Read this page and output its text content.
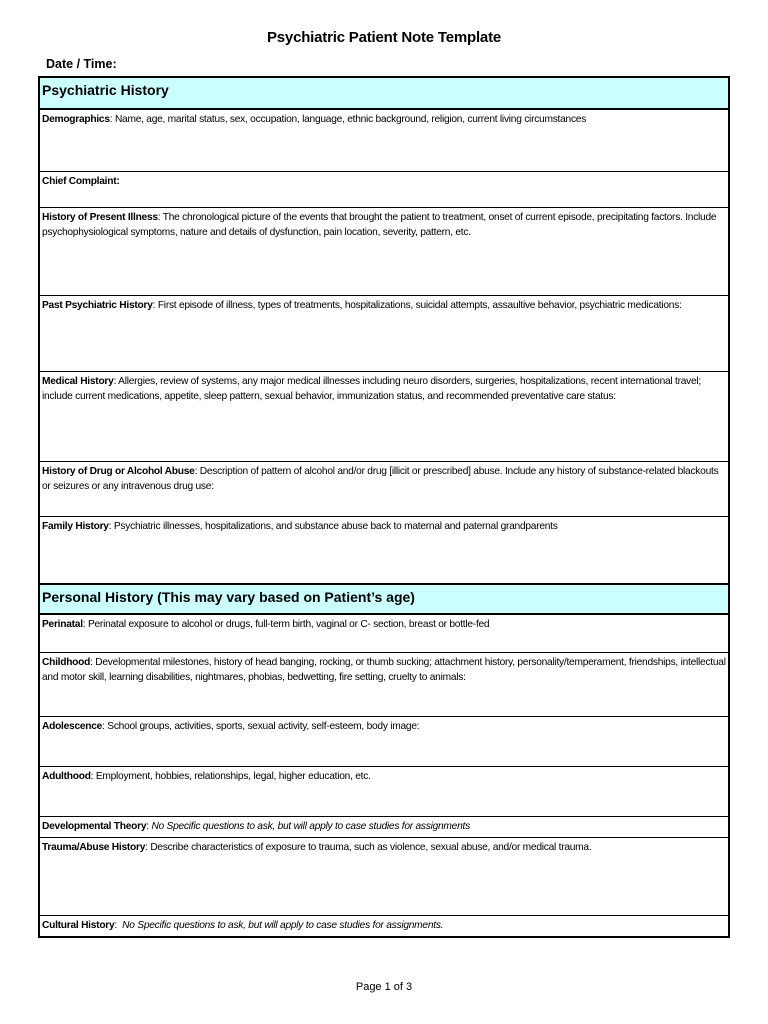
Psychiatric Patient Note Template
Date / Time:
Psychiatric History
Demographics: Name, age, marital status, sex, occupation, language, ethnic background, religion, current living circumstances
Chief Complaint:
History of Present Illness: The chronological picture of the events that brought the patient to treatment, onset of current episode, precipitating factors. Include psychophysiological symptoms, nature and details of dysfunction, pain location, severity, pattern, etc.
Past Psychiatric History: First episode of illness, types of treatments, hospitalizations, suicidal attempts, assaultive behavior, psychiatric medications:
Medical History: Allergies, review of systems, any major medical illnesses including neuro disorders, surgeries, hospitalizations, recent international travel; include current medications, appetite, sleep pattern, sexual behavior, immunization status, and recommended preventative care status:
History of Drug or Alcohol Abuse: Description of pattern of alcohol and/or drug [illicit or prescribed] abuse. Include any history of substance-related blackouts or seizures or any intravenous drug use:
Family History: Psychiatric illnesses, hospitalizations, and substance abuse back to maternal and paternal grandparents
Personal History (This may vary based on Patient’s age)
Perinatal: Perinatal exposure to alcohol or drugs, full-term birth, vaginal or C- section, breast or bottle-fed
Childhood: Developmental milestones, history of head banging, rocking, or thumb sucking; attachment history, personality/temperament, friendships, intellectual and motor skill, learning disabilities, nightmares, phobias, bedwetting, fire setting, cruelty to animals:
Adolescence: School groups, activities, sports, sexual activity, self-esteem, body image:
Adulthood: Employment, hobbies, relationships, legal, higher education, etc.
Developmental Theory: No Specific questions to ask, but will apply to case studies for assignments
Trauma/Abuse History: Describe characteristics of exposure to trauma, such as violence, sexual abuse, and/or medical trauma.
Cultural History:  No Specific questions to ask, but will apply to case studies for assignments.
Page 1 of 3
